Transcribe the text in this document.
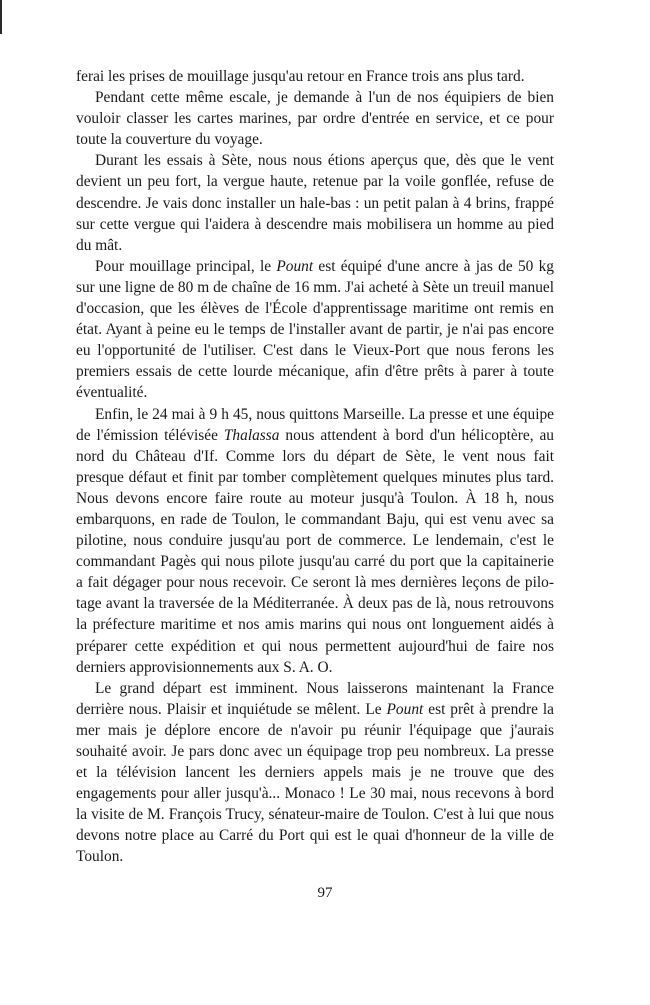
ferai les prises de mouillage jusqu'au retour en France trois ans plus tard.

Pendant cette même escale, je demande à l'un de nos équipiers de bien vouloir classer les cartes marines, par ordre d'entrée en service, et ce pour toute la couverture du voyage.

Durant les essais à Sète, nous nous étions aperçus que, dès que le vent devient un peu fort, la vergue haute, retenue par la voile gonflée, refuse de descendre. Je vais donc installer un hale-bas : un petit palan à 4 brins, frappé sur cette vergue qui l'aidera à descendre mais mobilisera un homme au pied du mât.

Pour mouillage principal, le Pount est équipé d'une ancre à jas de 50 kg sur une ligne de 80 m de chaîne de 16 mm. J'ai acheté à Sète un treuil manuel d'occasion, que les élèves de l'École d'apprentissage maritime ont remis en état. Ayant à peine eu le temps de l'installer avant de partir, je n'ai pas encore eu l'opportunité de l'utiliser. C'est dans le Vieux-Port que nous ferons les premiers essais de cette lourde mécanique, afin d'être prêts à parer à toute éventualité.

Enfin, le 24 mai à 9 h 45, nous quittons Marseille. La presse et une équipe de l'émission télévisée Thalassa nous attendent à bord d'un hélicoptère, au nord du Château d'If. Comme lors du départ de Sète, le vent nous fait presque défaut et finit par tomber complètement quelques minutes plus tard. Nous devons encore faire route au moteur jusqu'à Toulon. À 18 h, nous embarquons, en rade de Toulon, le commandant Baju, qui est venu avec sa pilotine, nous conduire jusqu'au port de commerce. Le lendemain, c'est le commandant Pagès qui nous pilote jusqu'au carré du port que la capitainerie a fait dégager pour nous recevoir. Ce seront là mes dernières leçons de pilotage avant la traversée de la Méditerranée. À deux pas de là, nous retrouvons la préfecture maritime et nos amis marins qui nous ont longuement aidés à préparer cette expédition et qui nous permettent aujourd'hui de faire nos derniers approvisionnements aux S. A. O.

Le grand départ est imminent. Nous laisserons maintenant la France derrière nous. Plaisir et inquiétude se mêlent. Le Pount est prêt à prendre la mer mais je déplore encore de n'avoir pu réunir l'équipage que j'aurais souhaité avoir. Je pars donc avec un équipage trop peu nombreux. La presse et la télévision lancent les derniers appels mais je ne trouve que des engagements pour aller jusqu'à... Monaco ! Le 30 mai, nous recevons à bord la visite de M. François Trucy, sénateur-maire de Toulon. C'est à lui que nous devons notre place au Carré du Port qui est le quai d'honneur de la ville de Toulon.

97
